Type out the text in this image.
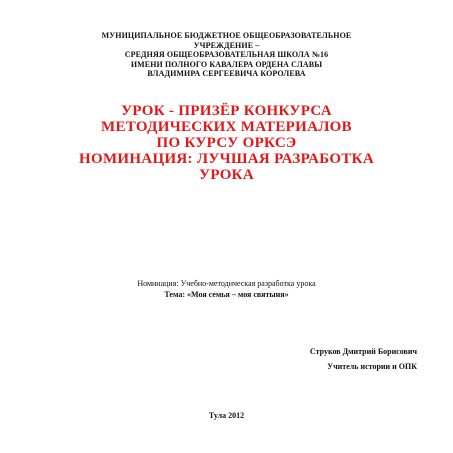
МУНИЦИПАЛЬНОЕ БЮДЖЕТНОЕ ОБЩЕОБРАЗОВАТЕЛЬНОЕ
УЧРЕЖДЕНИЕ –
СРЕДНЯЯ ОБЩЕОБРАЗОВАТЕЛЬНАЯ ШКОЛА №16
ИМЕНИ ПОЛНОГО КАВАЛЕРА ОРДЕНА СЛАВЫ
ВЛАДИМИРА СЕРГЕЕВИЧА КОРОЛЕВА
УРОК - ПРИЗЁР КОНКУРСА
МЕТОДИЧЕСКИХ МАТЕРИАЛОВ
ПО КУРСУ ОРКСЭ
НОМИНАЦИЯ: ЛУЧШАЯ РАЗРАБОТКА
УРОКА
Номинация: Учебно-методическая разработка урока
Тема: «Моя семья – моя святыня»
Струков Дмитрий Борисович
Учитель истории и ОПК
Тула 2012
